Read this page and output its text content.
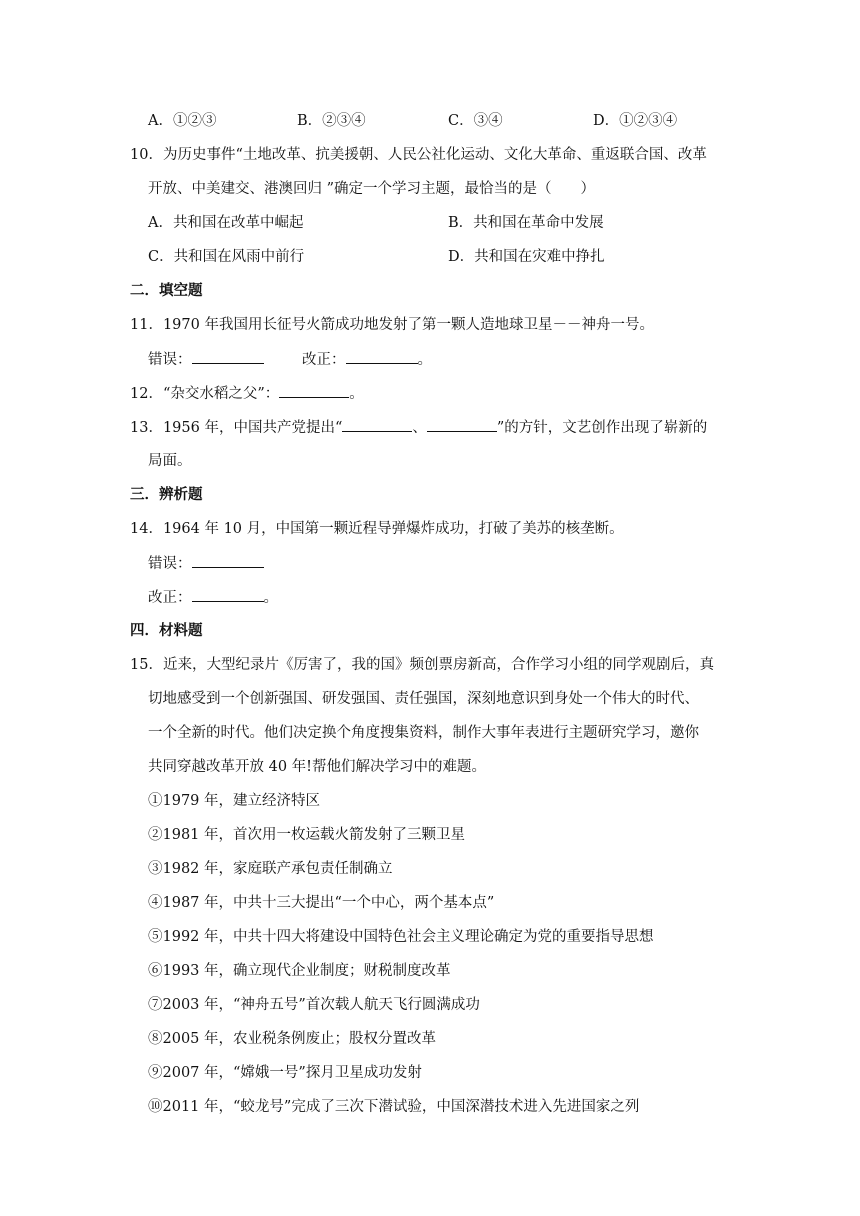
A．①②③	B．②③④	C．③④	D．①②③④
10．为历史事件“土地改革、抗美援朝、人民公社化运动、文化大革命、重返联合国、改革
开放、中美建交、港澳回归 ”确定一个学习主题，最恰当的是（　　）
A．共和国在改革中崛起	B．共和国在革命中发展
C．共和国在风雨中前行	D．共和国在灾难中挣扎
二．填空题
11．1970 年我国用长征号火箭成功地发射了第一颗人造地球卫星－－神舟一号。
错误：	改正：	。
12．“杂交水稻之父”：	。
13．1956 年，中国共产党提出“	、	”的方针，文艺创作出现了崭新的
局面。
三．辨析题
14．1964 年 10 月，中国第一颗近程导弹爆炸成功，打破了美苏的核垄断。
错误：
改正：	。
四．材料题
15．近来，大型纪录片《厉害了，我的国》频创票房新高，合作学习小组的同学观剧后，真
切地感受到一个创新强国、研发强国、责任强国，深刻地意识到身处一个伟大的时代、
一个全新的时代。他们决定换个角度搜集资料，制作大事年表进行主题研究学习，邀你
共同穿越改革开放 40 年!帮他们解决学习中的难题。
①1979 年，建立经济特区
②1981 年，首次用一枚运载火箭发射了三颗卫星
③1982 年，家庭联产承包责任制确立
④1987 年，中共十三大提出“一个中心，两个基本点”
⑤1992 年，中共十四大将建设中国特色社会主义理论确定为党的重要指导思想
⑥1993 年，确立现代企业制度；财税制度改革
⑦2003 年，“神舟五号”首次载人航天飞行圆满成功
⑧2005 年，农业税条例废止；股权分置改革
⑨2007 年，“嫦娥一号”探月卫星成功发射
⑩2011 年，“蛟龙号”完成了三次下潜试验，中国深潜技术进入先进国家之列
